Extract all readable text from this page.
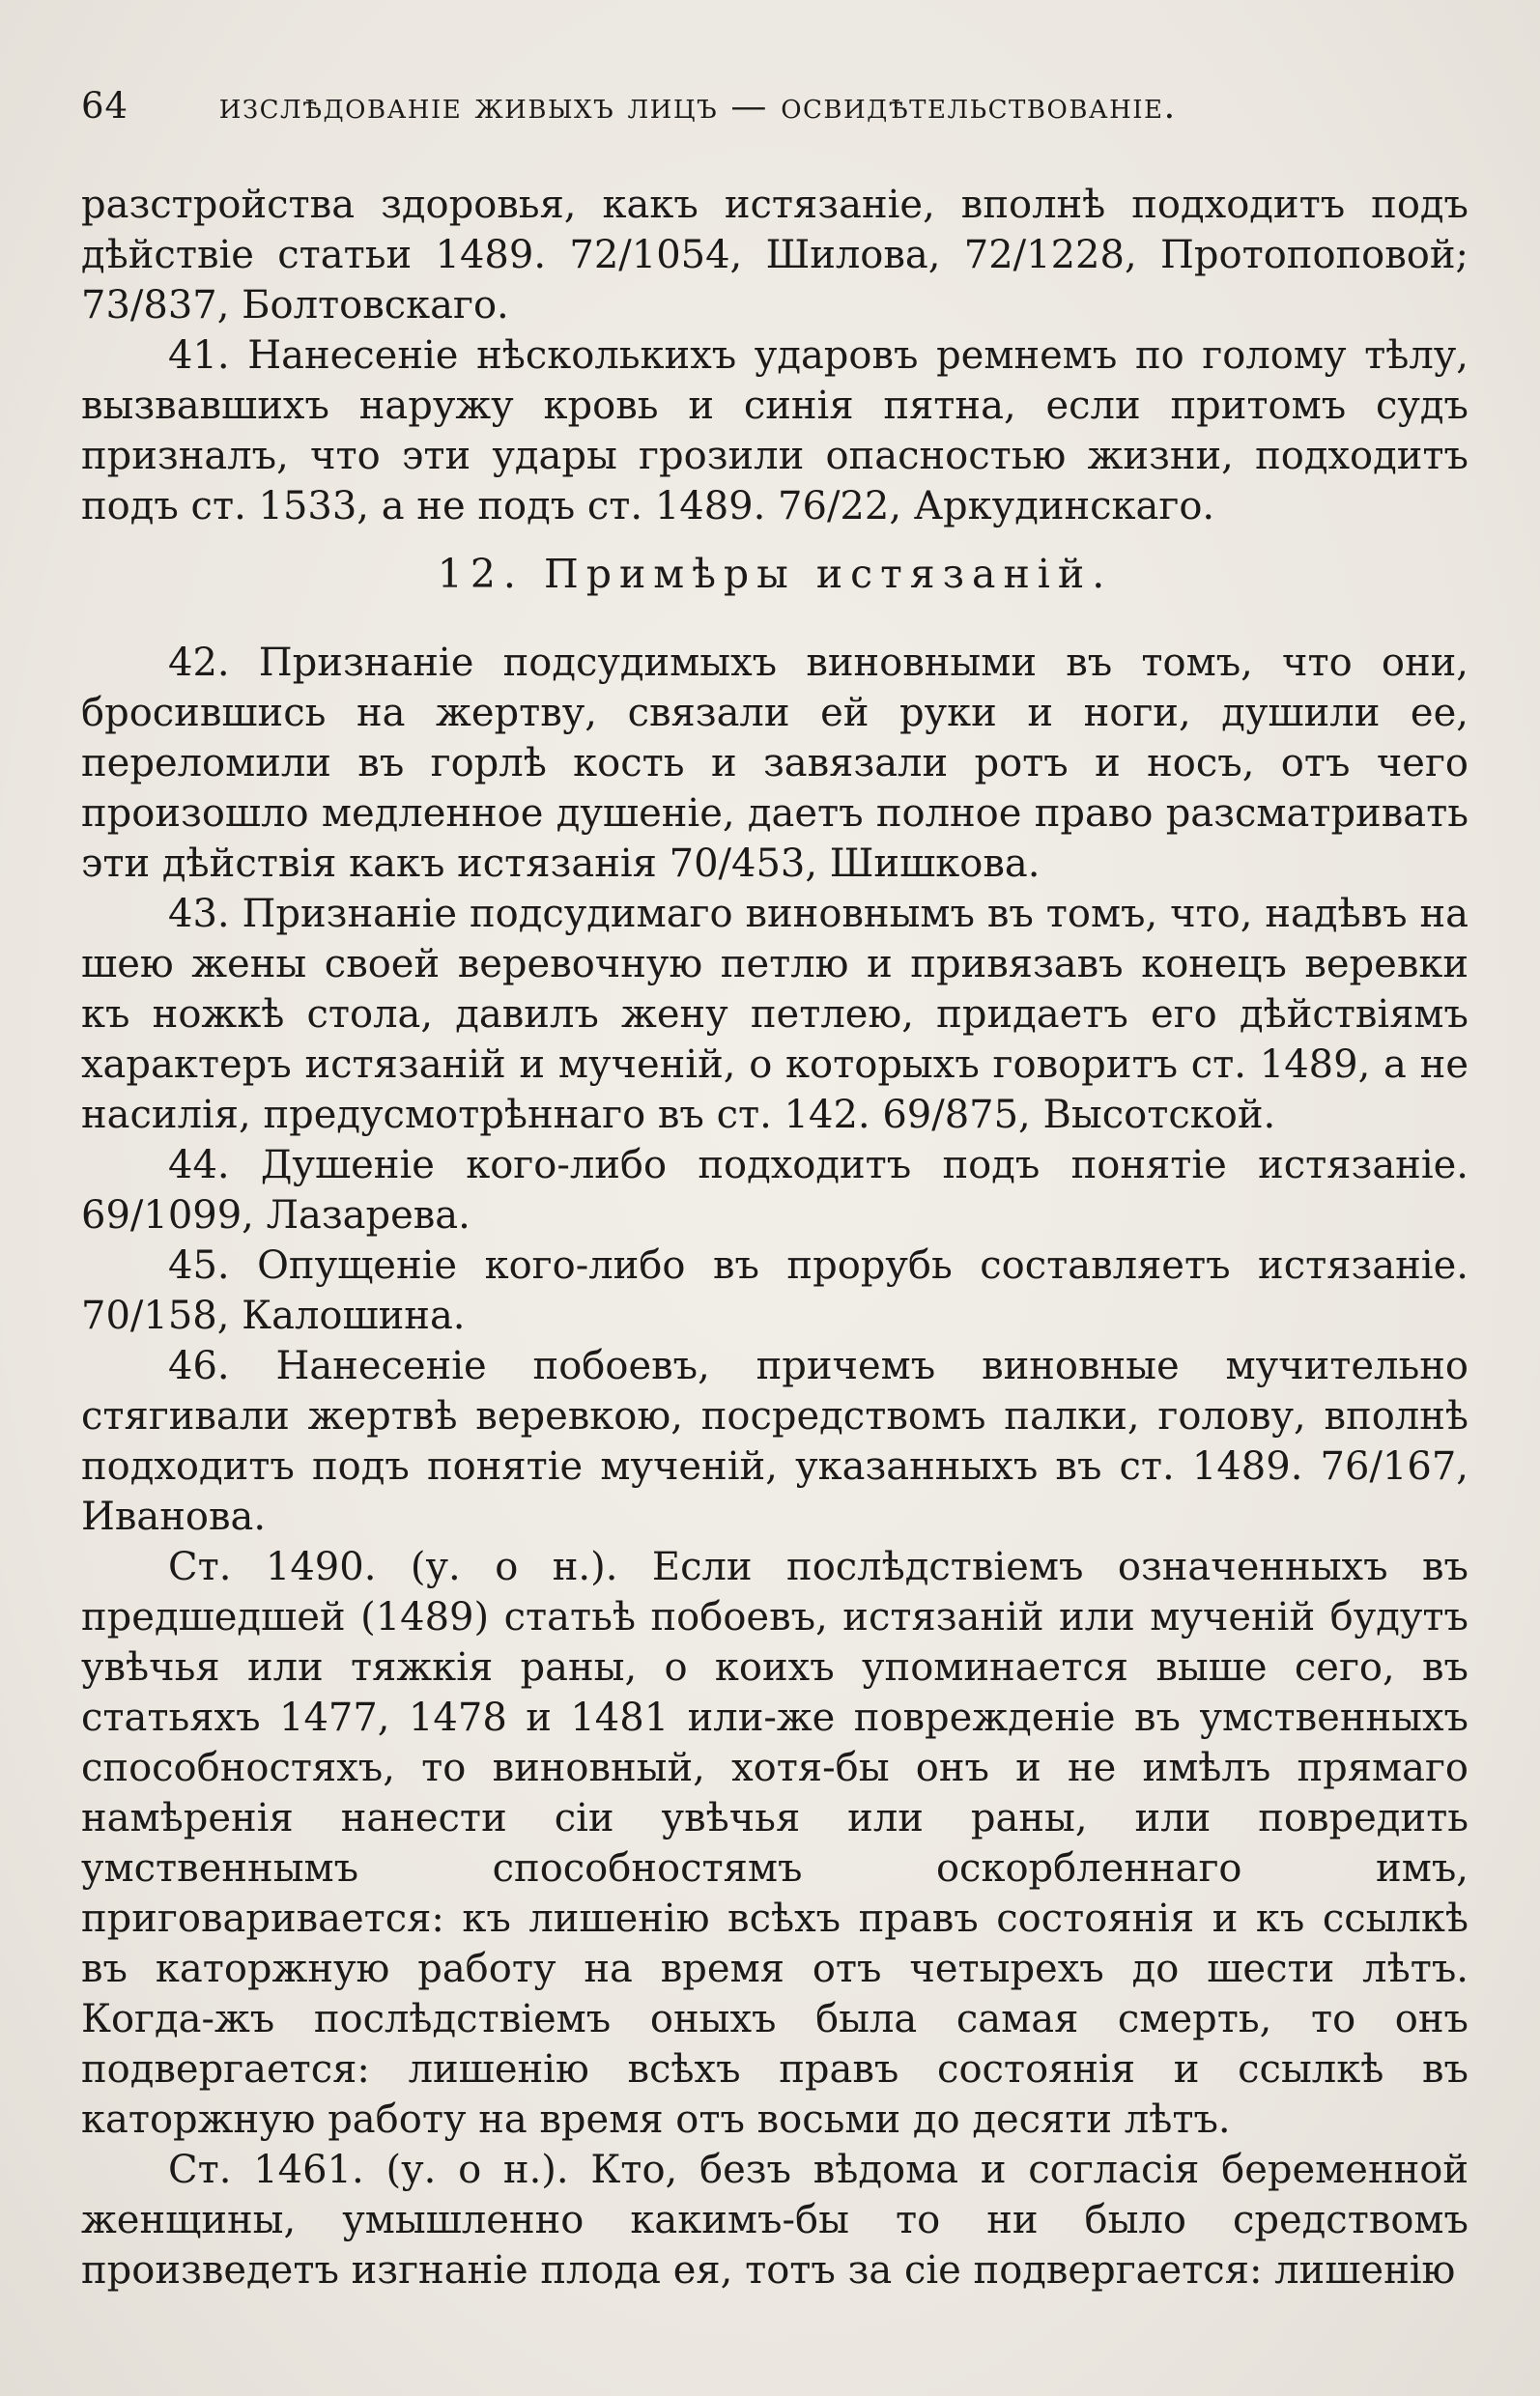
64	изслѣдованіе живыхъ лицъ — освидѣтельствованіе.

разстройства здоровья, какъ истязаніе, вполнѣ подходитъ подъ дѣйствіе статьи 1489. 72/1054, Шилова, 72/1228, Протопоповой; 73/837, Болтовскаго.

41. Нанесеніе нѣсколькихъ ударовъ ремнемъ по голому тѣлу, вызвавшихъ наружу кровь и синія пятна, если притомъ судъ призналъ, что эти удары грозили опасностью жизни, подходитъ подъ ст. 1533, а не подъ ст. 1489. 76/22, Аркудинскаго.

12. Примѣры истязаній.

42. Признаніе подсудимыхъ виновными въ томъ, что они, бросившись на жертву, связали ей руки и ноги, душили ее, переломили въ горлѣ кость и завязали ротъ и носъ, отъ чего произошло медленное душеніе, даетъ полное право разсматривать эти дѣйствія какъ истязанія 70/453, Шишкова.

43. Признаніе подсудимаго виновнымъ въ томъ, что, надѣвъ на шею жены своей веревочную петлю и привязавъ конецъ веревки къ ножкѣ стола, давилъ жену петлею, придаетъ его дѣйствіямъ характеръ истязаній и мученій, о которыхъ говоритъ ст. 1489, а не насилія, предусмотрѣннаго въ ст. 142. 69/875, Высотской.

44. Душеніе кого-либо подходитъ подъ понятіе истязаніе. 69/1099, Лазарева.

45. Опущеніе кого-либо въ прорубь составляетъ истязаніе. 70/158, Калошина.

46. Нанесеніе побоевъ, причемъ виновные мучительно стягивали жертвѣ веревкою, посредствомъ палки, голову, вполнѣ подходитъ подъ понятіе мученій, указанныхъ въ ст. 1489. 76/167, Иванова.

Ст. 1490. (у. о н.). Если послѣдствіемъ означенныхъ въ предшедшей (1489) статьѣ побоевъ, истязаній или мученій будутъ увѣчья или тяжкія раны, о коихъ упоминается выше сего, въ статьяхъ 1477, 1478 и 1481 или-же поврежденіе въ умственныхъ способностяхъ, то виновный, хотя-бы онъ и не имѣлъ прямаго намѣренія нанести сіи увѣчья или раны, или повредить умственнымъ способностямъ оскорбленнаго имъ, приговаривается: къ лишенію всѣхъ правъ состоянія и къ ссылкѣ въ каторжную работу на время отъ четырехъ до шести лѣтъ. Когда-жъ послѣдствіемъ оныхъ была самая смерть, то онъ подвергается: лишенію всѣхъ правъ состоянія и ссылкѣ въ каторжную работу на время отъ восьми до десяти лѣтъ.

Ст. 1461. (у. о н.). Кто, безъ вѣдома и согласія беременной женщины, умышленно какимъ-бы то ни было средствомъ произведетъ изгнаніе плода ея, тотъ за сіе подвергается: лишенію
